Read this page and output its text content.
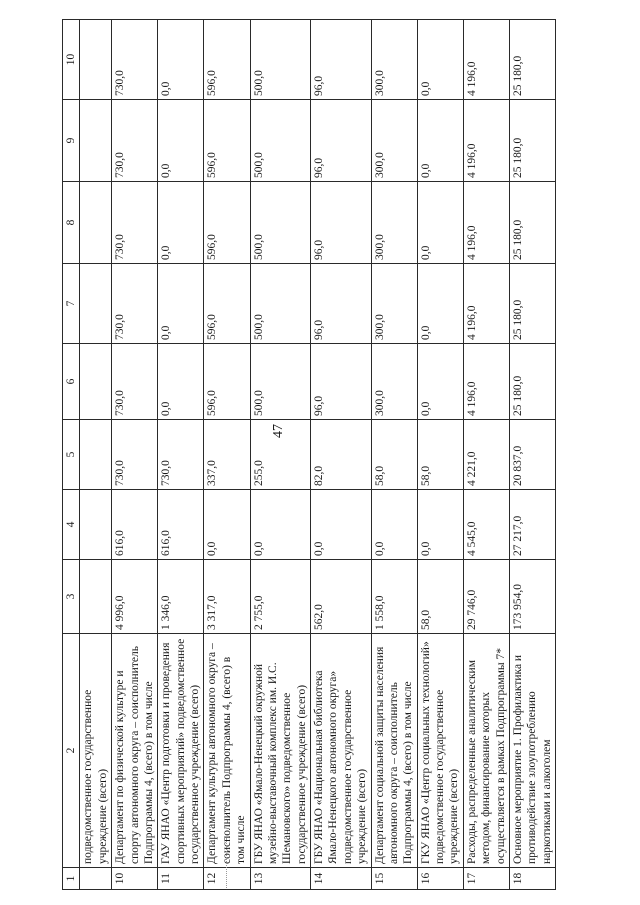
47
1	2	3	4	5	6	7	8	9	10
	подведомственное государственное учреждение (всего)								
10	Департамент по физической культуре и спорту автономного округа – соисполнитель Подпрограммы 4, (всего) в том числе	4 996,0	616,0	730,0	730,0	730,0	730,0	730,0	730,0
11	ГАУ ЯНАО «Центр подготовки и проведения спортивных мероприятий» подведомственное государственное учреждение (всего)	1 346,0	616,0	730,0	0,0	0,0	0,0	0,0	0,0
12	Департамент культуры автономного округа – соисполнитель Подпрограммы 4, (всего) в том числе	3 317,0	0,0	337,0	596,0	596,0	596,0	596,0	596,0
13	ГБУ ЯНАО «Ямало-Ненецкий окружной музейно-выставочный комплекс им. И.С. Шемановского» подведомственное государственное учреждение (всего)	2 755,0	0,0	255,0	500,0	500,0	500,0	500,0	500,0
14	ГБУ ЯНАО «Национальная библиотека Ямало-Ненецкого автономного округа» подведомственное государственное учреждение (всего)	562,0	0,0	82,0	96,0	96,0	96,0	96,0	96,0
15	Департамент социальной защиты населения автономного округа – соисполнитель Подпрограммы 4, (всего) в том числе	1 558,0	0,0	58,0	300,0	300,0	300,0	300,0	300,0
16	ГКУ ЯНАО «Центр социальных технологий» подведомственное государственное учреждение (всего)	58,0	0,0	58,0	0,0	0,0	0,0	0,0	0,0
17	Расходы, распределенные аналитическим методом, финансирование которых осуществляется в рамках Подпрограммы 7*	29 746,0	4 545,0	4 221,0	4 196,0	4 196,0	4 196,0	4 196,0	4 196,0
18	Основное мероприятие 1. Профилактика и противодействие злоупотреблению наркотиками и алкоголем	173 954,0	27 217,0	20 837,0	25 180,0	25 180,0	25 180,0	25 180,0	25 180,0
